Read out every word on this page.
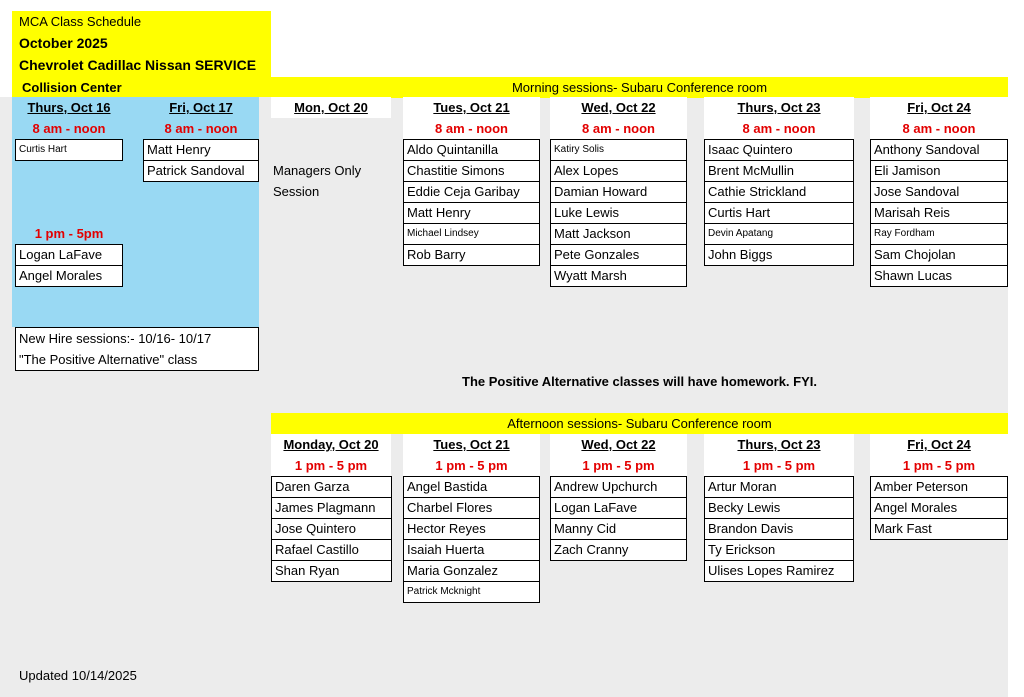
MCA Class Schedule
October 2025
Chevrolet Cadillac Nissan SERVICE
Collision Center	Morning sessions- Subaru Conference room
Thurs, Oct 16
8 am - noon
Curtis Hart
1 pm - 5pm
Logan LaFave
Angel Morales
Fri, Oct 17
8 am - noon
Matt Henry
Patrick Sandoval
New Hire sessions:- 10/16- 10/17
"The Positive Alternative" class
Mon, Oct 20
Managers Only
Session
Tues, Oct 21
8 am - noon
Aldo Quintanilla
Chastitie Simons
Eddie Ceja Garibay
Matt Henry
Michael Lindsey
Rob Barry
Wed, Oct 22
8 am - noon
Katiry Solis
Alex Lopes
Damian Howard
Luke Lewis
Matt Jackson
Pete Gonzales
Wyatt Marsh
Thurs, Oct 23
8 am - noon
Isaac Quintero
Brent McMullin
Cathie Strickland
Curtis Hart
Devin Apatang
John Biggs
Fri, Oct 24
8 am - noon
Anthony Sandoval
Eli Jamison
Jose Sandoval
Marisah Reis
Ray Fordham
Sam Chojolan
Shawn Lucas
The Positive Alternative classes will have homework. FYI.
Afternoon sessions- Subaru Conference room
Monday, Oct 20
1 pm - 5 pm
Daren Garza
James Plagmann
Jose Quintero
Rafael Castillo
Shan Ryan
Tues, Oct 21
1 pm - 5 pm
Angel Bastida
Charbel Flores
Hector Reyes
Isaiah Huerta
Maria Gonzalez
Patrick Mcknight
Wed, Oct 22
1 pm - 5 pm
Andrew Upchurch
Logan LaFave
Manny Cid
Zach Cranny
Thurs, Oct 23
1 pm - 5 pm
Artur Moran
Becky Lewis
Brandon Davis
Ty Erickson
Ulises Lopes Ramirez
Fri, Oct 24
1 pm - 5 pm
Amber Peterson
Angel Morales
Mark Fast
Updated 10/14/2025
